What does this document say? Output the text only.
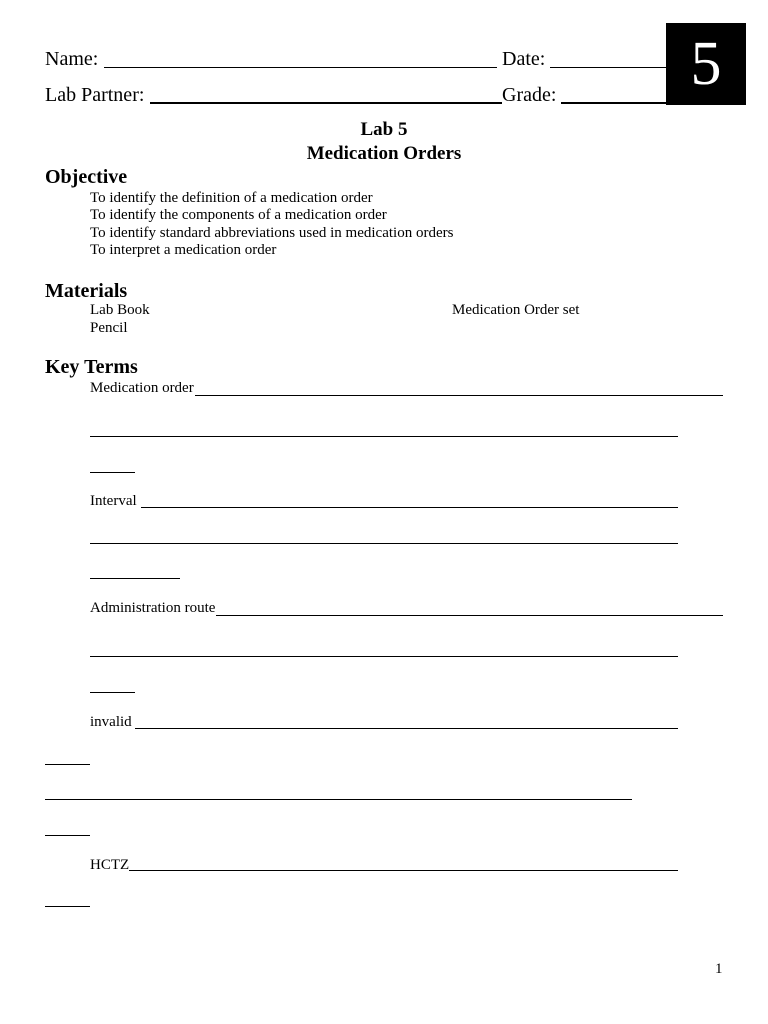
Name:	Date:
Lab Partner:	Grade:	5
Lab 5
Medication Orders
Objective
To identify the definition of a medication order
To identify the components of a medication order
To identify standard abbreviations used in medication orders
To interpret a medication order
Materials
Lab Book	Medication Order set
Pencil
Key Terms
Medication order
Interval
Administration route
invalid
HCTZ
1
